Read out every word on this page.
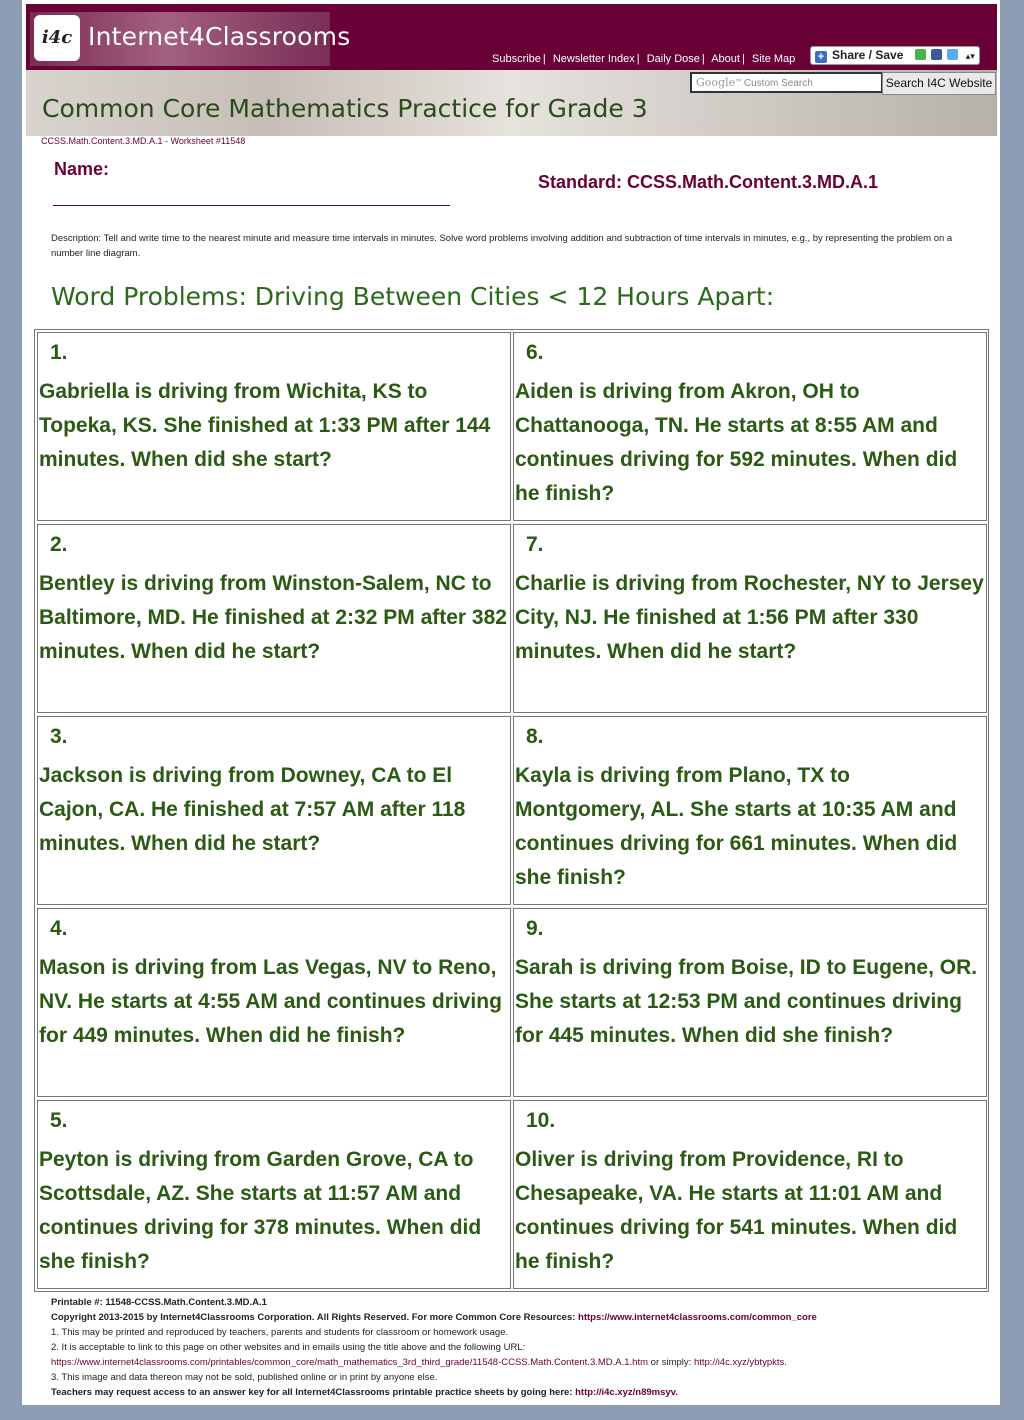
i4c Internet4Classrooms
Subscribe | Newsletter Index | Daily Dose | About | Site Map	+ Share / Save	▴▾
Google™ Custom Search	Search I4C Website
Common Core Mathematics Practice for Grade 3
CCSS.Math.Content.3.MD.A.1 - Worksheet #11548
Name:
Standard: CCSS.Math.Content.3.MD.A.1
Description: Tell and write time to the nearest minute and measure time intervals in minutes. Solve word problems involving addition and subtraction of time intervals in minutes, e.g., by representing the problem on a number line diagram.
Word Problems: Driving Between Cities < 12 Hours Apart:
1.
Gabriella is driving from Wichita, KS to Topeka, KS. She finished at 1:33 PM after 144 minutes. When did she start?
2.
Bentley is driving from Winston-Salem, NC to Baltimore, MD. He finished at 2:32 PM after 382 minutes. When did he start?
3.
Jackson is driving from Downey, CA to El Cajon, CA. He finished at 7:57 AM after 118 minutes. When did he start?
4.
Mason is driving from Las Vegas, NV to Reno, NV. He starts at 4:55 AM and continues driving for 449 minutes. When did he finish?
5.
Peyton is driving from Garden Grove, CA to Scottsdale, AZ. She starts at 11:57 AM and continues driving for 378 minutes. When did she finish?
6.
Aiden is driving from Akron, OH to Chattanooga, TN. He starts at 8:55 AM and continues driving for 592 minutes. When did he finish?
7.
Charlie is driving from Rochester, NY to Jersey City, NJ. He finished at 1:56 PM after 330 minutes. When did he start?
8.
Kayla is driving from Plano, TX to Montgomery, AL. She starts at 10:35 AM and continues driving for 661 minutes. When did she finish?
9.
Sarah is driving from Boise, ID to Eugene, OR. She starts at 12:53 PM and continues driving for 445 minutes. When did she finish?
10.
Oliver is driving from Providence, RI to Chesapeake, VA. He starts at 11:01 AM and continues driving for 541 minutes. When did he finish?
Printable #: 11548-CCSS.Math.Content.3.MD.A.1
Copyright 2013-2015 by Internet4Classrooms Corporation. All Rights Reserved. For more Common Core Resources: https://www.internet4classrooms.com/common_core
1. This may be printed and reproduced by teachers, parents and students for classroom or homework usage.
2. It is acceptable to link to this page on other websites and in emails using the title above and the following URL:
https://www.internet4classrooms.com/printables/common_core/math_mathematics_3rd_third_grade/11548-CCSS.Math.Content.3.MD.A.1.htm or simply: http://i4c.xyz/ybtypkts.
3. This image and data thereon may not be sold, published online or in print by anyone else.
Teachers may request access to an answer key for all Internet4Classrooms printable practice sheets by going here: http://i4c.xyz/n89msyv.
